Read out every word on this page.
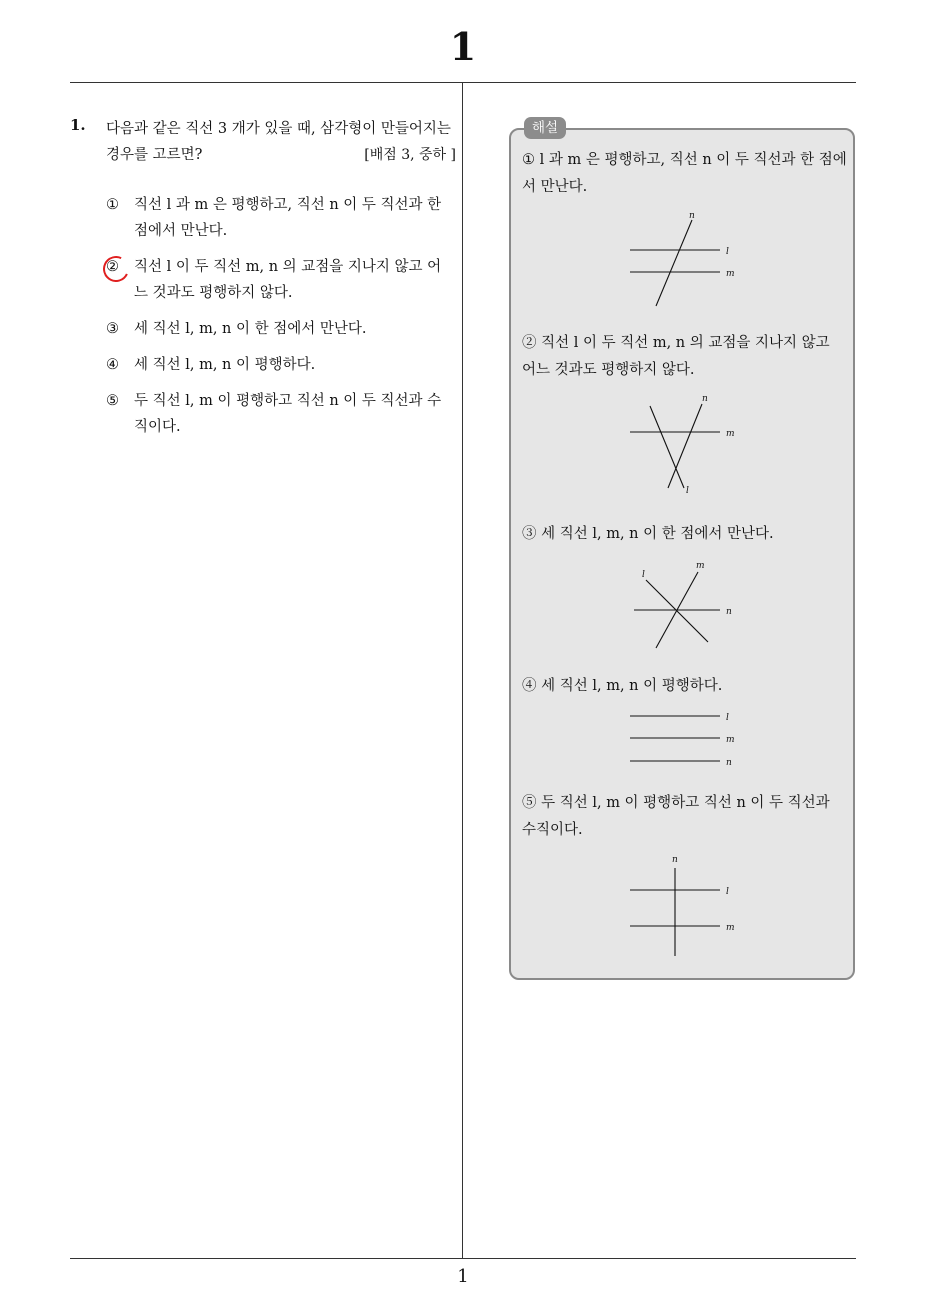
1
1
1. 다음과 같은 직선 3 개가 있을 때, 삼각형이 만들어지는 경우를 고르면?	[배점 3, 중하 ]
① 직선 l 과 m 은 평행하고, 직선 n 이 두 직선과 한 점에서 만난다.
② 직선 l 이 두 직선 m, n 의 교점을 지나지 않고 어느 것과도 평행하지 않다.
③ 세 직선 l, m, n 이 한 점에서 만난다.
④ 세 직선 l, m, n 이 평행하다.
⑤ 두 직선 l, m 이 평행하고 직선 n 이 두 직선과 수직이다.
해설
① l 과 m 은 평행하고, 직선 n 이 두 직선과 한 점에서 만난다.
n
l
m
② 직선 l 이 두 직선 m, n 의 교점을 지나지 않고 어느 것과도 평행하지 않다.
n
m
l
③ 세 직선 l, m, n 이 한 점에서 만난다.
l
m
n
④ 세 직선 l, m, n 이 평행하다.
l
m
n
⑤ 두 직선 l, m 이 평행하고 직선 n 이 두 직선과 수직이다.
n
l
m
